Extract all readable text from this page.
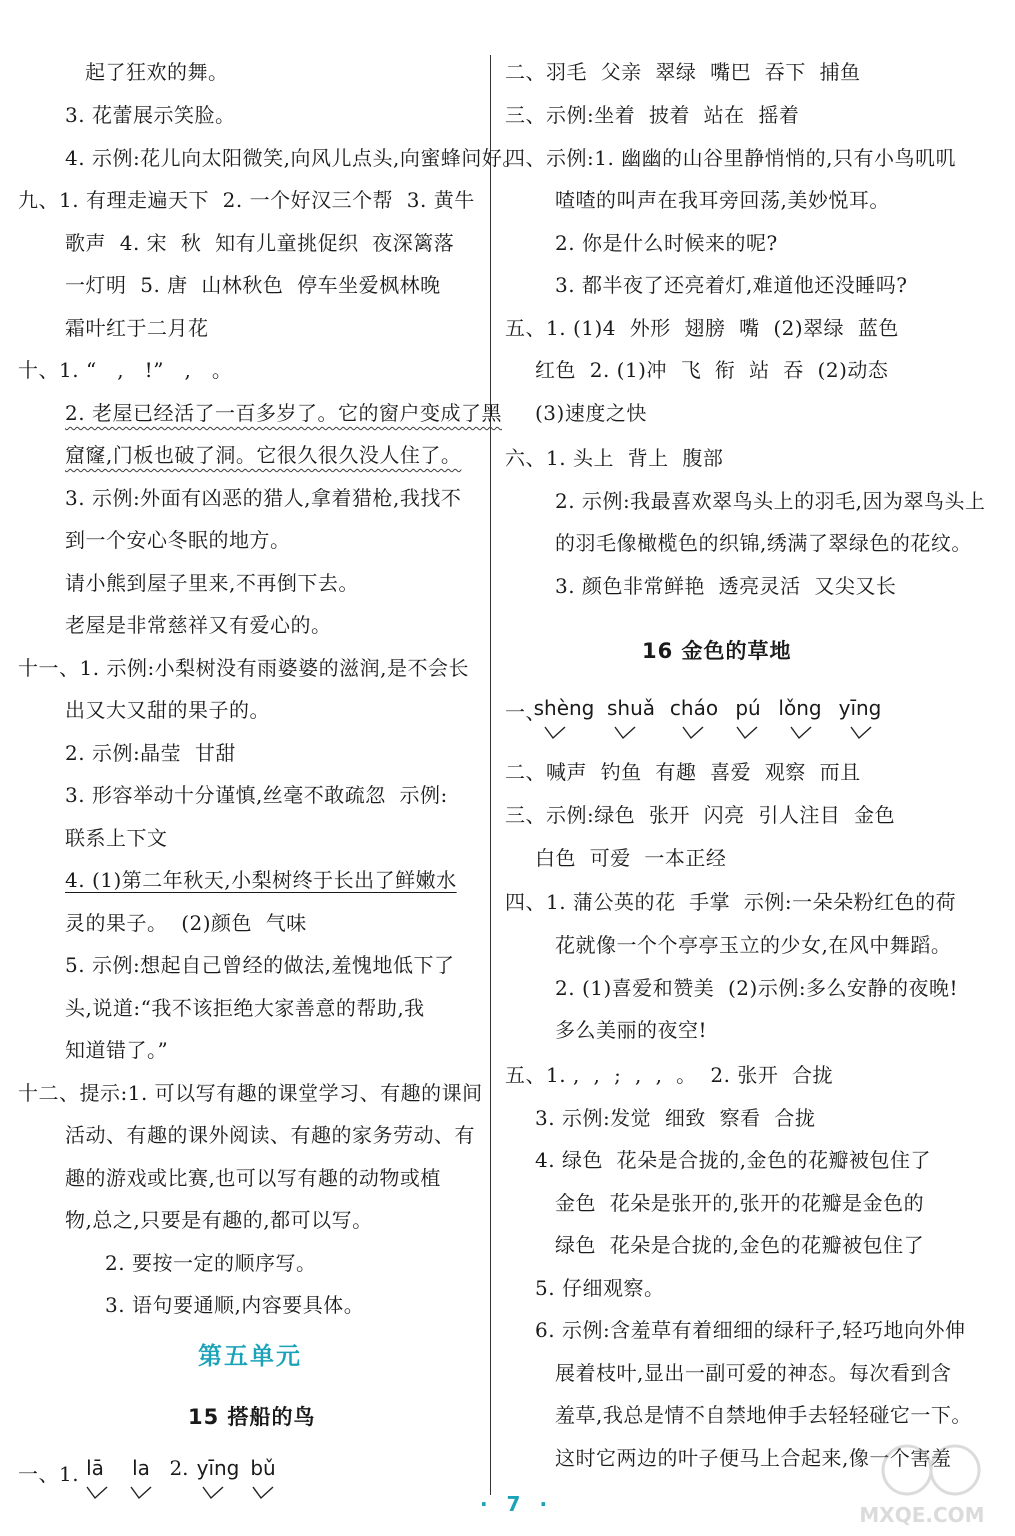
起了狂欢的舞。
3. 花蕾展示笑脸。
4. 示例:花儿向太阳微笑,向风儿点头,向蜜蜂问好。
九、1. 有理走遍天下  2. 一个好汉三个帮  3. 黄牛
歌声  4. 宋  秋  知有儿童挑促织  夜深篱落
一灯明  5. 唐  山林秋色  停车坐爱枫林晚
霜叶红于二月花
十、1. “   ,   !”   ,   。
2. 老屋已经活了一百多岁了。它的窗户变成了黑
窟窿,门板也破了洞。它很久很久没人住了。
3. 示例:外面有凶恶的猎人,拿着猎枪,我找不
到一个安心冬眠的地方。
请小熊到屋子里来,不再倒下去。
老屋是非常慈祥又有爱心的。
十一、1. 示例:小梨树没有雨婆婆的滋润,是不会长
出又大又甜的果子的。
2. 示例:晶莹  甘甜
3. 形容举动十分谨慎,丝毫不敢疏忽  示例:
联系上下文
4. (1)第二年秋天,小梨树终于长出了鲜嫩水
灵的果子。  (2)颜色  气味
5. 示例:想起自己曾经的做法,羞愧地低下了
头,说道:“我不该拒绝大家善意的帮助,我
知道错了。”
十二、提示:1. 可以写有趣的课堂学习、有趣的课间
活动、有趣的课外阅读、有趣的家务劳动、有
趣的游戏或比赛,也可以写有趣的动物或植
物,总之,只要是有趣的,都可以写。
2. 要按一定的顺序写。
3. 语句要通顺,内容要具体。
第五单元
15 搭船的鸟
一、1. lā	la 2. yīng bǔ
二、羽毛  父亲  翠绿  嘴巴  吞下  捕鱼
三、示例:坐着  披着  站在  摇着
四、示例:1. 幽幽的山谷里静悄悄的,只有小鸟叽叽
喳喳的叫声在我耳旁回荡,美妙悦耳。
2. 你是什么时候来的呢?
3. 都半夜了还亮着灯,难道他还没睡吗?
五、1. (1)4  外形  翅膀  嘴  (2)翠绿  蓝色
红色  2. (1)冲  飞  衔  站  吞  (2)动态
(3)速度之快
六、1. 头上  背上  腹部
2. 示例:我最喜欢翠鸟头上的羽毛,因为翠鸟头上
的羽毛像橄榄色的织锦,绣满了翠绿色的花纹。
3. 颜色非常鲜艳  透亮灵活  又尖又长
16 金色的草地
一、
shèng shuǎ cháo pú lǒng yīng
二、喊声  钓鱼  有趣  喜爱  观察  而且
三、示例:绿色  张开  闪亮  引人注目  金色
白色  可爱  一本正经
四、1. 蒲公英的花  手掌  示例:一朵朵粉红色的荷
花就像一个个亭亭玉立的少女,在风中舞蹈。
2. (1)喜爱和赞美  (2)示例:多么安静的夜晚!
多么美丽的夜空!
五、1. ,  ,  ;  ,  ,  。  2. 张开  合拢
3. 示例:发觉  细致  察看  合拢
4. 绿色  花朵是合拢的,金色的花瓣被包住了
金色  花朵是张开的,张开的花瓣是金色的
绿色  花朵是合拢的,金色的花瓣被包住了
5. 仔细观察。
6. 示例:含羞草有着细细的绿秆子,轻巧地向外伸
展着枝叶,显出一副可爱的神态。每次看到含
羞草,我总是情不自禁地伸手去轻轻碰它一下。
这时它两边的叶子便马上合起来,像一个害羞
· 7 ·	MXQE.COM
